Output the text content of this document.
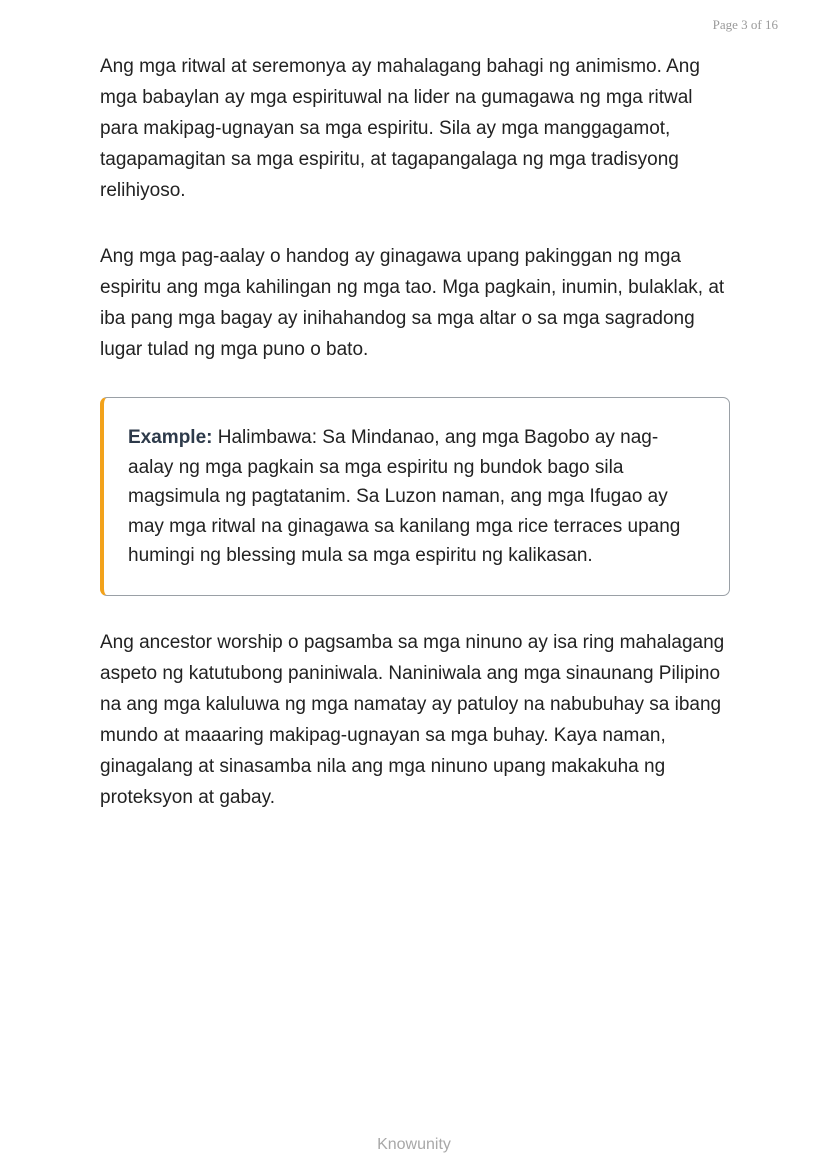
Page 3 of 16

Ang mga ritwal at seremonya ay mahalagang bahagi ng animismo. Ang mga babaylan ay mga espirituwal na lider na gumagawa ng mga ritwal para makipag-ugnayan sa mga espiritu. Sila ay mga manggagamot, tagapamagitan sa mga espiritu, at tagapangalaga ng mga tradisyong relihiyoso.

Ang mga pag-aalay o handog ay ginagawa upang pakinggan ng mga espiritu ang mga kahilingan ng mga tao. Mga pagkain, inumin, bulaklak, at iba pang mga bagay ay inihahandog sa mga altar o sa mga sagradong lugar tulad ng mga puno o bato.

Example: Halimbawa: Sa Mindanao, ang mga Bagobo ay nag-aalay ng mga pagkain sa mga espiritu ng bundok bago sila magsimula ng pagtatanim. Sa Luzon naman, ang mga Ifugao ay may mga ritwal na ginagawa sa kanilang mga rice terraces upang humingi ng blessing mula sa mga espiritu ng kalikasan.

Ang ancestor worship o pagsamba sa mga ninuno ay isa ring mahalagang aspeto ng katutubong paniniwala. Naniniwala ang mga sinaunang Pilipino na ang mga kaluluwa ng mga namatay ay patuloy na nabubuhay sa ibang mundo at maaaring makipag-ugnayan sa mga buhay. Kaya naman, ginagalang at sinasamba nila ang mga ninuno upang makakuha ng proteksyon at gabay.

Knowunity
